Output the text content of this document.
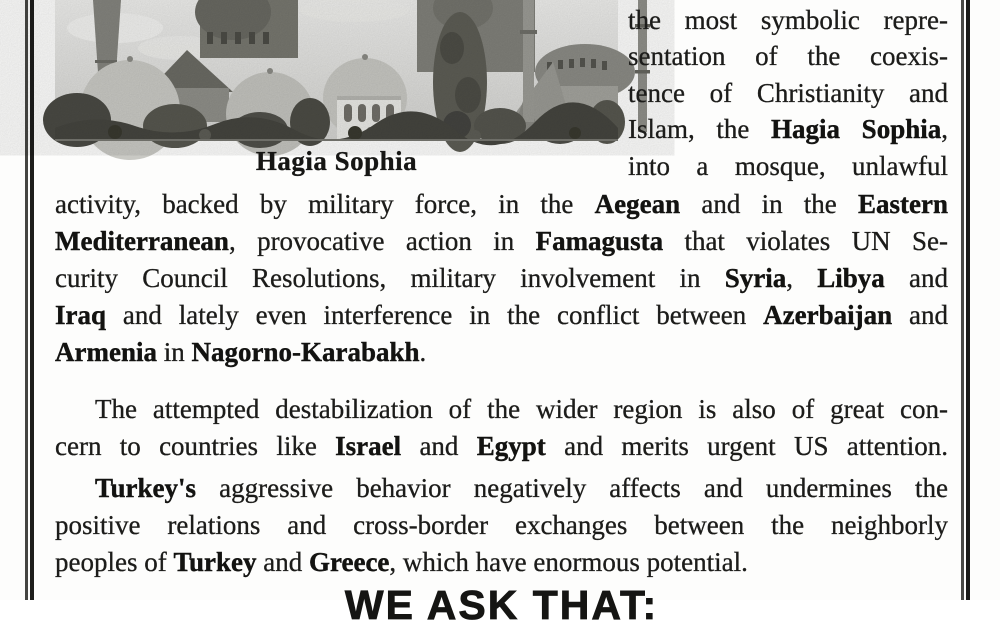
Hagia Sophia
the most symbolic repre-
sentation of the coexis-
tence of Christianity and
Islam, the Hagia Sophia,
into a mosque, unlawful
activity, backed by military force, in the Aegean and in the Eastern
Mediterranean, provocative action in Famagusta that violates UN Se-
curity Council Resolutions, military involvement in Syria, Libya and
Iraq and lately even interference in the conflict between Azerbaijan and
Armenia in Nagorno-Karabakh.
The attempted destabilization of the wider region is also of great con-
cern to countries like Israel and Egypt and merits urgent US attention.
Turkey's aggressive behavior negatively affects and undermines the
positive relations and cross-border exchanges between the neighborly
peoples of Turkey and Greece, which have enormous potential.
WE ASK THAT:
